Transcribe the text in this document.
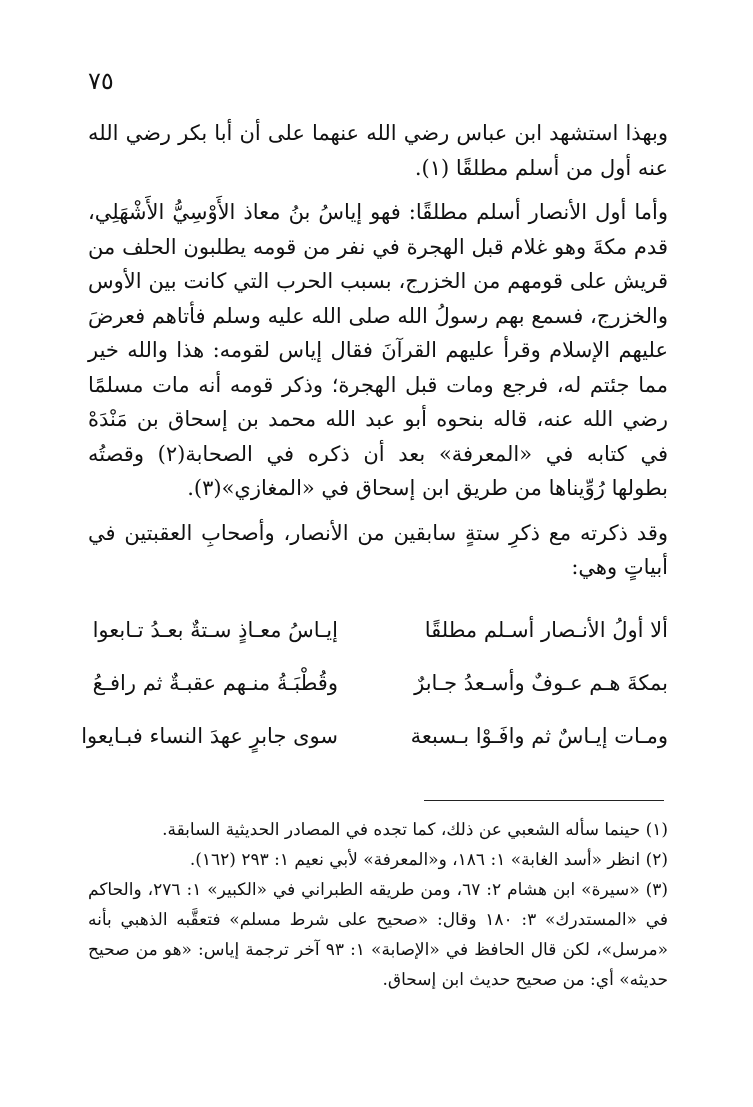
٧٥

وبهذا استشهد ابن عباس رضي الله عنهما على أن أبا بكر رضي الله عنه أول من أسلم مطلقًا (١).

وأما أول الأنصار أسلم مطلقًا: فهو إياسُ بنُ معاذ الأَوْسِيُّ الأَشْهَلِي، قدم مكةَ وهو غلام قبل الهجرة في نفر من قومه يطلبون الحلف من قريش على قومهم من الخزرج، بسبب الحرب التي كانت بين الأوس والخزرج، فسمع بهم رسولُ الله صلى الله عليه وسلم فأتاهم فعرضَ عليهم الإسلام وقرأ عليهم القرآنَ فقال إياس لقومه: هذا والله خير مما جئتم له، فرجع ومات قبل الهجرة؛ وذكر قومه أنه مات مسلمًا رضي الله عنه، قاله بنحوه أبو عبد الله محمد بن إسحاق بن مَنْدَهْ في كتابه في «المعرفة» بعد أن ذكره في الصحابة(٢) وقصتُه بطولها رُوِّيناها من طريق ابن إسحاق في «المغازي»(٣).

وقد ذكرته مع ذكرِ ستةٍ سابقين من الأنصار، وأصحابِ العقبتين في أبياتٍ وهي:

ألا أولُ الأنـصار أسـلم مطلقًا
إيـاسُ معـاذٍ سـتةٌ بعـدُ تـابعوا
بمكةَ هـم عـوفٌ وأسـعدُ جـابرٌ
وقُطْبَـةُ منـهم عقبـةٌ ثم رافـعُ
ومـات إيـاسٌ ثم وافَـوْا بـسبعة
سوى جابرٍ عهدَ النساء فبـايعوا

(١) حينما سأله الشعبي عن ذلك، كما تجده في المصادر الحديثية السابقة.

(٢) انظر «أسد الغابة» ١: ١٨٦، و«المعرفة» لأبي نعيم ١: ٢٩٣ (١٦٢).

(٣) «سيرة» ابن هشام ٢: ٦٧، ومن طريقه الطبراني في «الكبير» ١: ٢٧٦، والحاكم في «المستدرك» ٣: ١٨٠ وقال: «صحيح على شرط مسلم» فتعقَّبه الذهبي بأنه «مرسل»، لكن قال الحافظ في «الإصابة» ١: ٩٣ آخر ترجمة إياس: «هو من صحيح حديثه» أي: من صحيح حديث ابن إسحاق.
